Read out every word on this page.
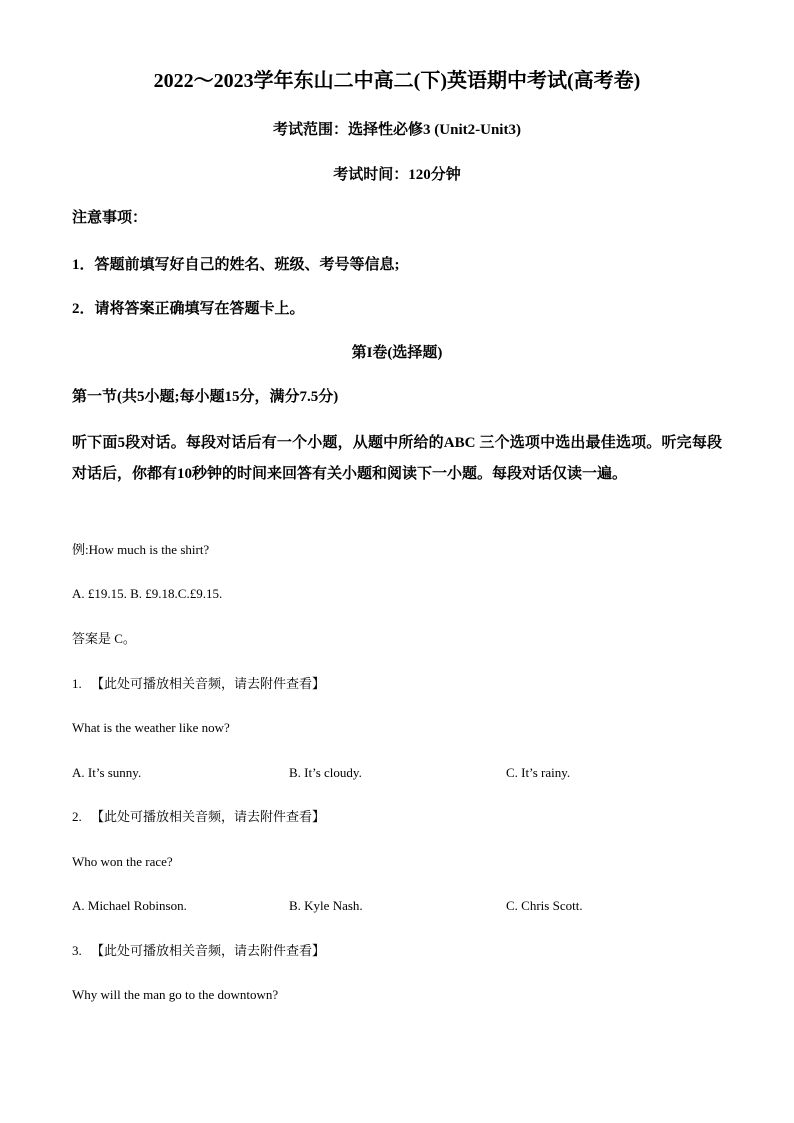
2022～2023学年东山二中高二(下)英语期中考试(高考卷)
考试范围：选择性必修3 (Unit2-Unit3)
考试时间：120分钟
注意事项：
1．答题前填写好自己的姓名、班级、考号等信息;
2．请将答案正确填写在答题卡上。
第I卷(选择题)
第一节(共5小题;每小题15分，满分7.5分)
听下面5段对话。每段对话后有一个小题，从题中所给的ABC 三个选项中选出最佳选项。听完每段对话后，你都有10秒钟的时间来回答有关小题和阅读下一小题。每段对话仅读一遍。
例:How much is the shirt?
A. £19.15. B. £9.18.C.£9.15.
答案是 C。
1. 【此处可播放相关音频，请去附件查看】
What is the weather like now?
A. It’s sunny.	B. It’s cloudy.	C. It’s rainy.
2. 【此处可播放相关音频，请去附件查看】
Who won the race?
A. Michael Robinson.	B. Kyle Nash.	C. Chris Scott.
3. 【此处可播放相关音频，请去附件查看】
Why will the man go to the downtown?
